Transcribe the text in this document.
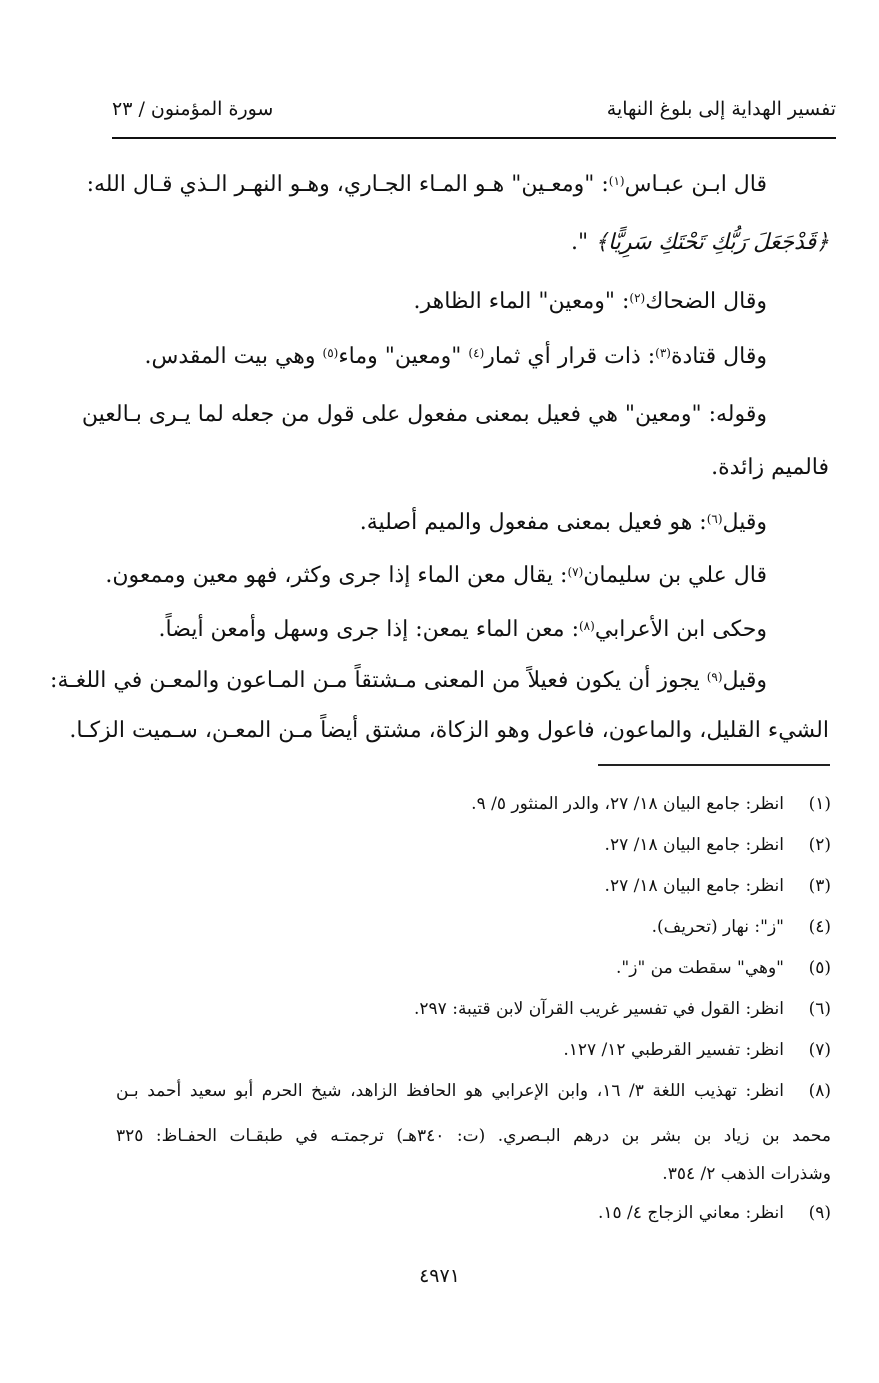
تفسير الهداية إلى بلوغ النهاية
سورة المؤمنون / ٢٣
قال ابـن عبـاس$^{(١)}$: "ومعـين" هـو المـاء الجـاري، وهـو النهـر الـذي قـال الله:
﴿قَدْجَعَلَ رَبُّكِ تَحْتَكِ سَرِيًّا﴾ ".
وقال الضحاك$^{(٢)}$: "ومعين" الماء الظاهر.
وقال قتادة$^{(٣)}$: ذات قرار أي ثمار$^{(٤)}$ "ومعين" وماء$^{(٥)}$ وهي بيت المقدس.
وقوله: "ومعين" هي فعيل بمعنى مفعول على قول من جعله لما يـرى بـالعين
فالميم زائدة.
وقيل$^{(٦)}$: هو فعيل بمعنى مفعول والميم أصلية.
قال علي بن سليمان$^{(٧)}$: يقال معن الماء إذا جرى وكثر، فهو معين وممعون.
وحكى ابن الأعرابي$^{(٨)}$: معن الماء يمعن: إذا جرى وسهل وأمعن أيضاً.
وقيل$^{(٩)}$ يجوز أن يكون فعيلاً من المعنى مـشتقاً مـن المـاعون والمعـن في اللغـة:
الشيء القليل، والماعون، فاعول وهو الزكاة، مشتق أيضاً مـن المعـن، سـميت الزكـا.
(١)
انظر: جامع البيان ١٨/ ٢٧، والدر المنثور ٥/ ٩.
(٢)
انظر: جامع البيان ١٨/ ٢٧.
(٣)
انظر: جامع البيان ١٨/ ٢٧.
(٤)
"ز": نهار (تحريف).
(٥)
"وهي" سقطت من "ز".
(٦)
انظر: القول في تفسير غريب القرآن لابن قتيبة: ٢٩٧.
(٧)
انظر: تفسير القرطبي ١٢/ ١٢٧.
(٨)
انظر: تهذيب اللغة ٣/ ١٦، وابن الإعرابي هو الحافظ الزاهد، شيخ الحرم أبو سعيد أحمد بـن
محمد بن زياد بن بشر بن درهم البـصري. (ت: ٣٤٠هـ) ترجمتـه في طبقـات الحفـاظ: ٣٢٥
وشذرات الذهب ٢/ ٣٥٤.
(٩)
انظر: معاني الزجاج ٤/ ١٥.
٤٩٧١
